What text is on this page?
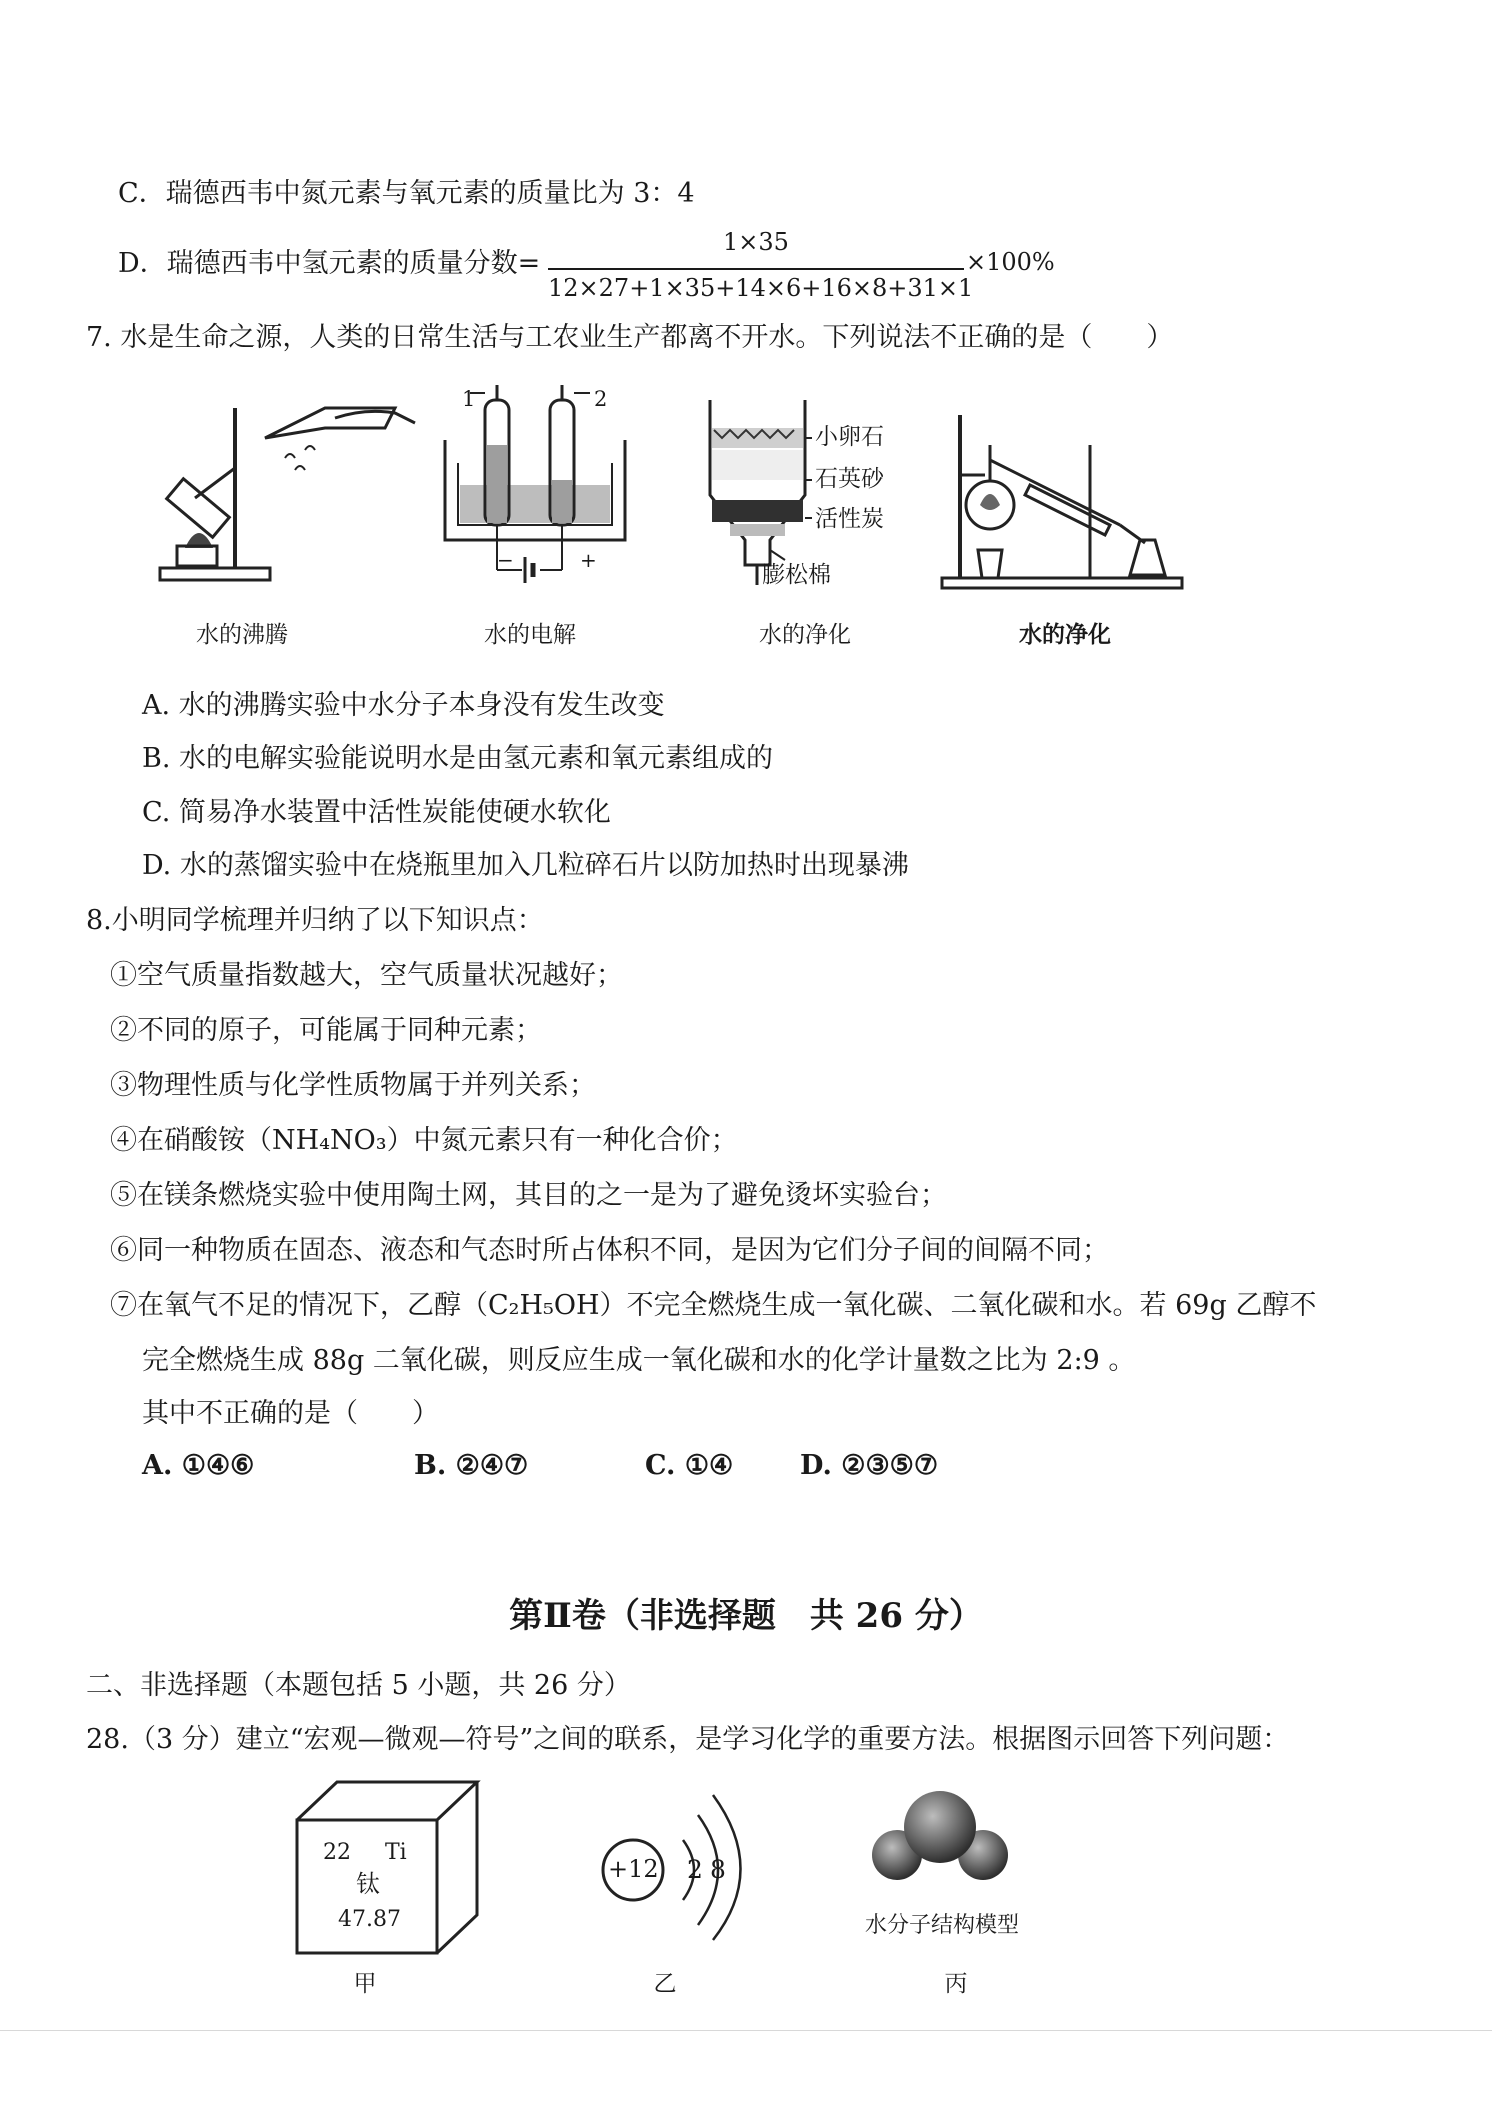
C．瑞德西韦中氮元素与氧元素的质量比为 3：4
D．瑞德西韦中氢元素的质量分数=
1×35
12×27+1×35+14×6+16×8+31×1
×100%
7. 水是生命之源，人类的日常生活与工农业生产都离不开水。下列说法不正确的是（　　）
1	2
−	+
小卵石
石英砂
活性炭
膨松棉
水的沸腾	水的电解	水的净化	水的净化
A. 水的沸腾实验中水分子本身没有发生改变
B. 水的电解实验能说明水是由氢元素和氧元素组成的
C. 简易净水装置中活性炭能使硬水软化
D. 水的蒸馏实验中在烧瓶里加入几粒碎石片以防加热时出现暴沸
8.小明同学梳理并归纳了以下知识点：
①空气质量指数越大，空气质量状况越好；
②不同的原子，可能属于同种元素；
③物理性质与化学性质物属于并列关系；
④在硝酸铵（NH₄NO₃）中氮元素只有一种化合价；
⑤在镁条燃烧实验中使用陶土网，其目的之一是为了避免烫坏实验台；
⑥同一种物质在固态、液态和气态时所占体积不同，是因为它们分子间的间隔不同；
⑦在氧气不足的情况下，乙醇（C₂H₅OH）不完全燃烧生成一氧化碳、二氧化碳和水。若 69g 乙醇不
完全燃烧生成 88g 二氧化碳，则反应生成一氧化碳和水的化学计量数之比为 2:9 。
其中不正确的是（　　）
A. ①④⑥	B. ②④⑦	C. ①④ D. ②③⑤⑦
第Ⅱ卷（非选择题　共 26 分）
二、非选择题（本题包括 5 小题，共 26 分）
28.（3 分）建立“宏观—微观—符号”之间的联系，是学习化学的重要方法。根据图示回答下列问题：
22 Ti
钛
47.87
+12 2 8
水分子结构模型
甲	乙	丙
